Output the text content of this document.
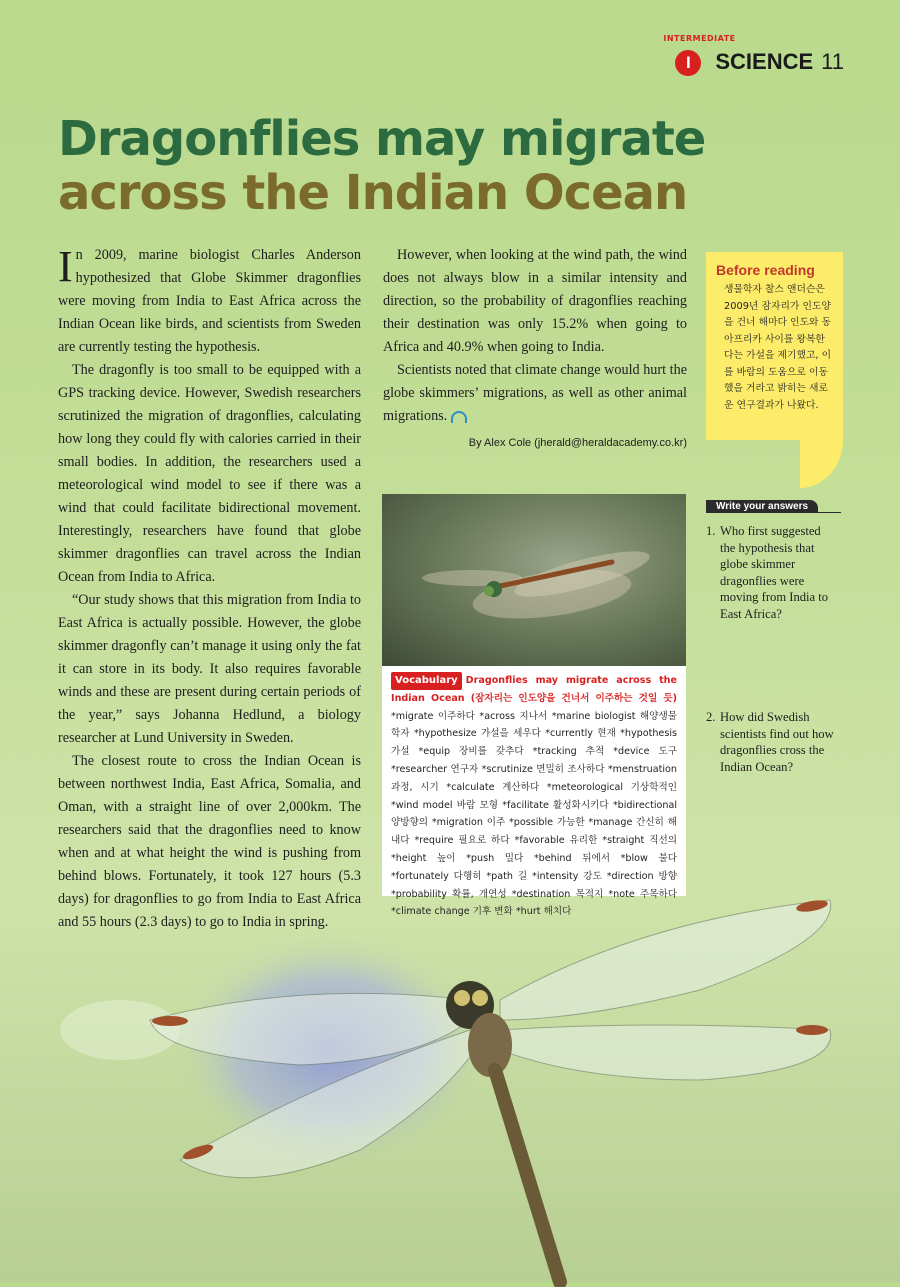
INTERMEDIATE
I	SCIENCE 11
Dragonflies may migrate
across the Indian Ocean

In 2009, marine biologist Charles Anderson hypothesized that Globe Skimmer dragonflies were moving from India to East Africa across the Indian Ocean like birds, and scientists from Sweden are currently testing the hypothesis.

The dragonfly is too small to be equipped with a GPS tracking device. However, Swedish researchers scrutinized the migration of dragonflies, calculating how long they could fly with calories carried in their small bodies. In addition, the researchers used a meteorological wind model to see if there was a wind that could facilitate bidirectional movement. Interestingly, researchers have found that globe skimmer dragonflies can travel across the Indian Ocean from India to Africa.

“Our study shows that this migration from India to East Africa is actually possible. However, the globe skimmer dragonfly can’t manage it using only the fat it can store in its body. It also requires favorable winds and these are present during certain periods of the year,” says Johanna Hedlund, a biology researcher at Lund University in Sweden.

The closest route to cross the Indian Ocean is between northwest India, East Africa, Somalia, and Oman, with a straight line of over 2,000km. The researchers said that the dragonflies need to know when and at what height the wind is pushing from behind blows. Fortunately, it took 127 hours (5.3 days) for dragonflies to go from India to East Africa and 55 hours (2.3 days) to go to India in spring.

However, when looking at the wind path, the wind does not always blow in a similar intensity and direction, so the probability of dragonflies reaching their destination was only 15.2% when going to Africa and 40.9% when going to India.

Scientists noted that climate change would hurt the globe skimmers’ migrations, as well as other animal migrations.

By Alex Cole (jherald@heraldacademy.co.kr)
Vocabulary Dragonflies may migrate across the Indian Ocean (잠자리는 인도양을 건너서 이주하는 것일 듯) *migrate 이주하다 *across 지나서 *marine biologist 해양생물학자 *hypothesize 가설을 세우다 *currently 현재 *hypothesis 가설 *equip 장비를 갖추다 *tracking 추적 *device 도구 *researcher 연구자 *scrutinize 면밀히 조사하다 *menstruation 과정, 시기 *calculate 계산하다 *meteorological 기상학적인 *wind model 바람 모형 *facilitate 활성화시키다 *bidirectional 양방향의 *migration 이주 *possible 가능한 *manage 간신히 해내다 *require 필요로 하다 *favorable 유리한 *straight 직선의 *height 높이 *push 밀다 *behind 뒤에서 *blow 불다 *fortunately 다행히 *path 길 *intensity 강도 *direction 방향 *probability 확률, 개연성 *destination 목적지 *note 주목하다 *climate change 기후 변화 *hurt 해치다
Before reading
생물학자 찰스 앤더슨은 2009년 잠자리가 인도양을 건너 해마다 인도와 동아프리카 사이를 왕복한다는 가설을 제기했고, 이를 바람의 도움으로 이동했을 거라고 밝히는 새로운 연구결과가 나왔다.
Write your answers
1. Who first suggested the hypothesis that globe skimmer dragonflies were moving from India to East Africa?
2. How did Swedish scientists find out how dragonflies cross the Indian Ocean?
